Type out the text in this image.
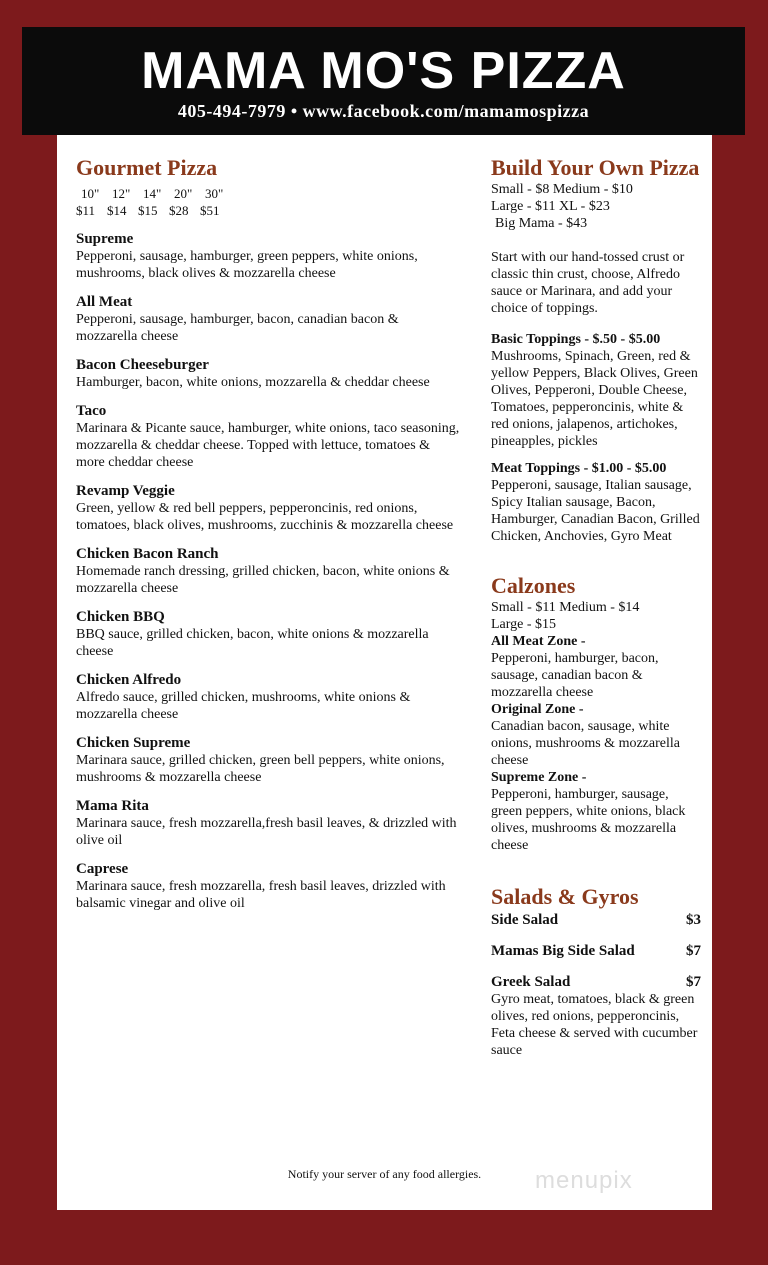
MAMA MO'S PIZZA
405-494-7979 • www.facebook.com/mamamospizza
Gourmet Pizza
10" 12" 14" 20" 30"
$11 $14 $15 $28 $51
Supreme
Pepperoni, sausage, hamburger, green peppers, white onions, mushrooms, black olives & mozzarella cheese
All Meat
Pepperoni, sausage, hamburger, bacon, canadian bacon & mozzarella cheese
Bacon Cheeseburger
Hamburger, bacon, white onions, mozzarella & cheddar cheese
Taco
Marinara & Picante sauce, hamburger, white onions, taco seasoning, mozzarella & cheddar cheese. Topped with lettuce, tomatoes & more cheddar cheese
Revamp Veggie
Green, yellow & red bell peppers, pepperoncinis, red onions, tomatoes, black olives, mushrooms, zucchinis & mozzarella cheese
Chicken Bacon Ranch
Homemade ranch dressing, grilled chicken, bacon, white onions & mozzarella cheese
Chicken BBQ
BBQ sauce, grilled chicken, bacon, white onions & mozzarella cheese
Chicken Alfredo
Alfredo sauce, grilled chicken, mushrooms, white onions & mozzarella cheese
Chicken Supreme
Marinara sauce, grilled chicken, green bell peppers, white onions, mushrooms & mozzarella cheese
Mama Rita
Marinara sauce, fresh mozzarella,fresh basil leaves, & drizzled with olive oil
Caprese
Marinara sauce, fresh mozzarella, fresh basil leaves, drizzled with balsamic vinegar and olive oil
Build Your Own Pizza
Small - $8 Medium - $10
Large - $11 XL - $23
Big Mama - $43
Start with our hand-tossed crust or classic thin crust, choose, Alfredo sauce or Marinara, and add your choice of toppings.
Basic Toppings - $.50 - $5.00
Mushrooms, Spinach, Green, red & yellow Peppers, Black Olives, Green Olives, Pepperoni, Double Cheese, Tomatoes, pepperoncinis, white & red onions, jalapenos, artichokes, pineapples, pickles
Meat Toppings - $1.00 - $5.00
Pepperoni, sausage, Italian sausage, Spicy Italian sausage, Bacon, Hamburger, Canadian Bacon, Grilled Chicken, Anchovies, Gyro Meat
Calzones
Small - $11 Medium - $14
Large - $15
All Meat Zone -
Pepperoni, hamburger, bacon, sausage, canadian bacon & mozzarella cheese
Original Zone -
Canadian bacon, sausage, white onions, mushrooms & mozzarella cheese
Supreme Zone -
Pepperoni, hamburger, sausage, green peppers, white onions, black olives, mushrooms & mozzarella cheese
Salads & Gyros
Side Salad	$3
Mamas Big Side Salad	$7
Greek Salad	$7
Gyro meat, tomatoes, black & green olives, red onions, pepperoncinis, Feta cheese & served with cucumber sauce
Notify your server of any food allergies.	menupix
